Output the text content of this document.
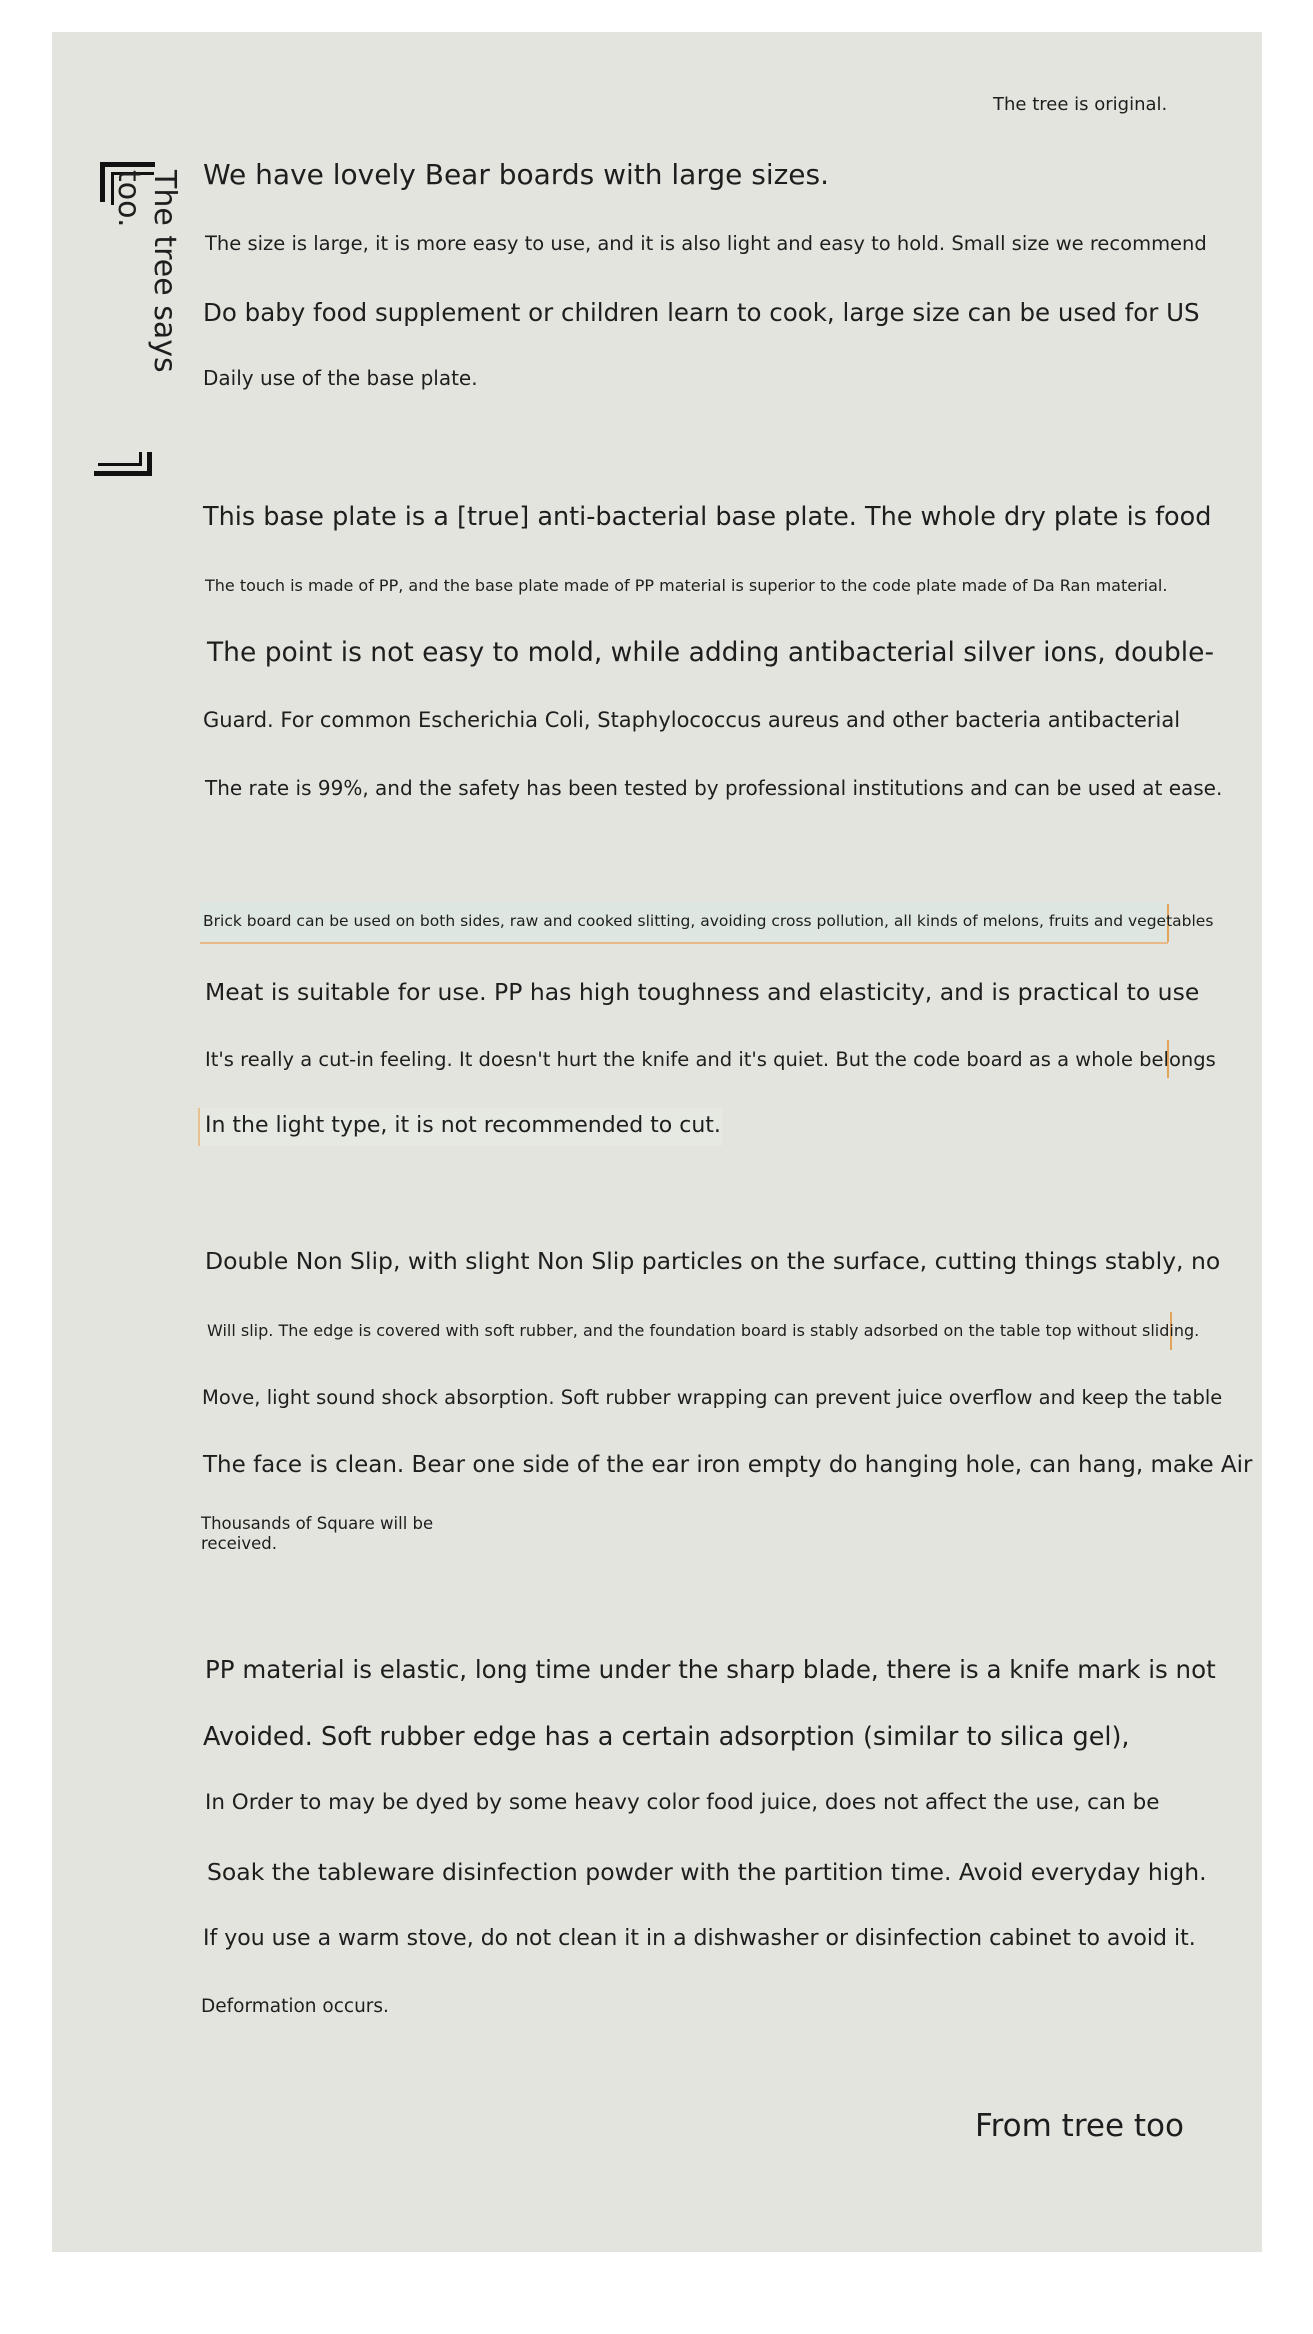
The tree is original.

The tree says too.	We have lovely Bear boards with large sizes.

The size is large, it is more easy to use, and it is also light and easy to hold. Small size we recommend

Do baby food supplement or children learn to cook, large size can be used for US

Daily use of the base plate.

This base plate is a [true] anti-bacterial base plate. The whole dry plate is food

The touch is made of PP, and the base plate made of PP material is superior to the code plate made of Da Ran material.

The point is not easy to mold, while adding antibacterial silver ions, double-

Guard. For common Escherichia Coli, Staphylococcus aureus and other bacteria antibacterial

The rate is 99%, and the safety has been tested by professional institutions and can be used at ease.

Brick board can be used on both sides, raw and cooked slitting, avoiding cross pollution, all kinds of melons, fruits and vegetables

Meat is suitable for use. PP has high toughness and elasticity, and is practical to use

It's really a cut-in feeling. It doesn't hurt the knife and it's quiet. But the code board as a whole belongs

In the light type, it is not recommended to cut.

Double Non Slip, with slight Non Slip particles on the surface, cutting things stably, no

Will slip. The edge is covered with soft rubber, and the foundation board is stably adsorbed on the table top without sliding.

Move, light sound shock absorption. Soft rubber wrapping can prevent juice overflow and keep the table

The face is clean. Bear one side of the ear iron empty do hanging hole, can hang, make Air

Thousands of Square will be

received.

PP material is elastic, long time under the sharp blade, there is a knife mark is not

Avoided. Soft rubber edge has a certain adsorption (similar to silica gel),

In Order to may be dyed by some heavy color food juice, does not affect the use, can be

Soak the tableware disinfection powder with the partition time. Avoid everyday high.

If you use a warm stove, do not clean it in a dishwasher or disinfection cabinet to avoid it.

Deformation occurs.

From tree too
